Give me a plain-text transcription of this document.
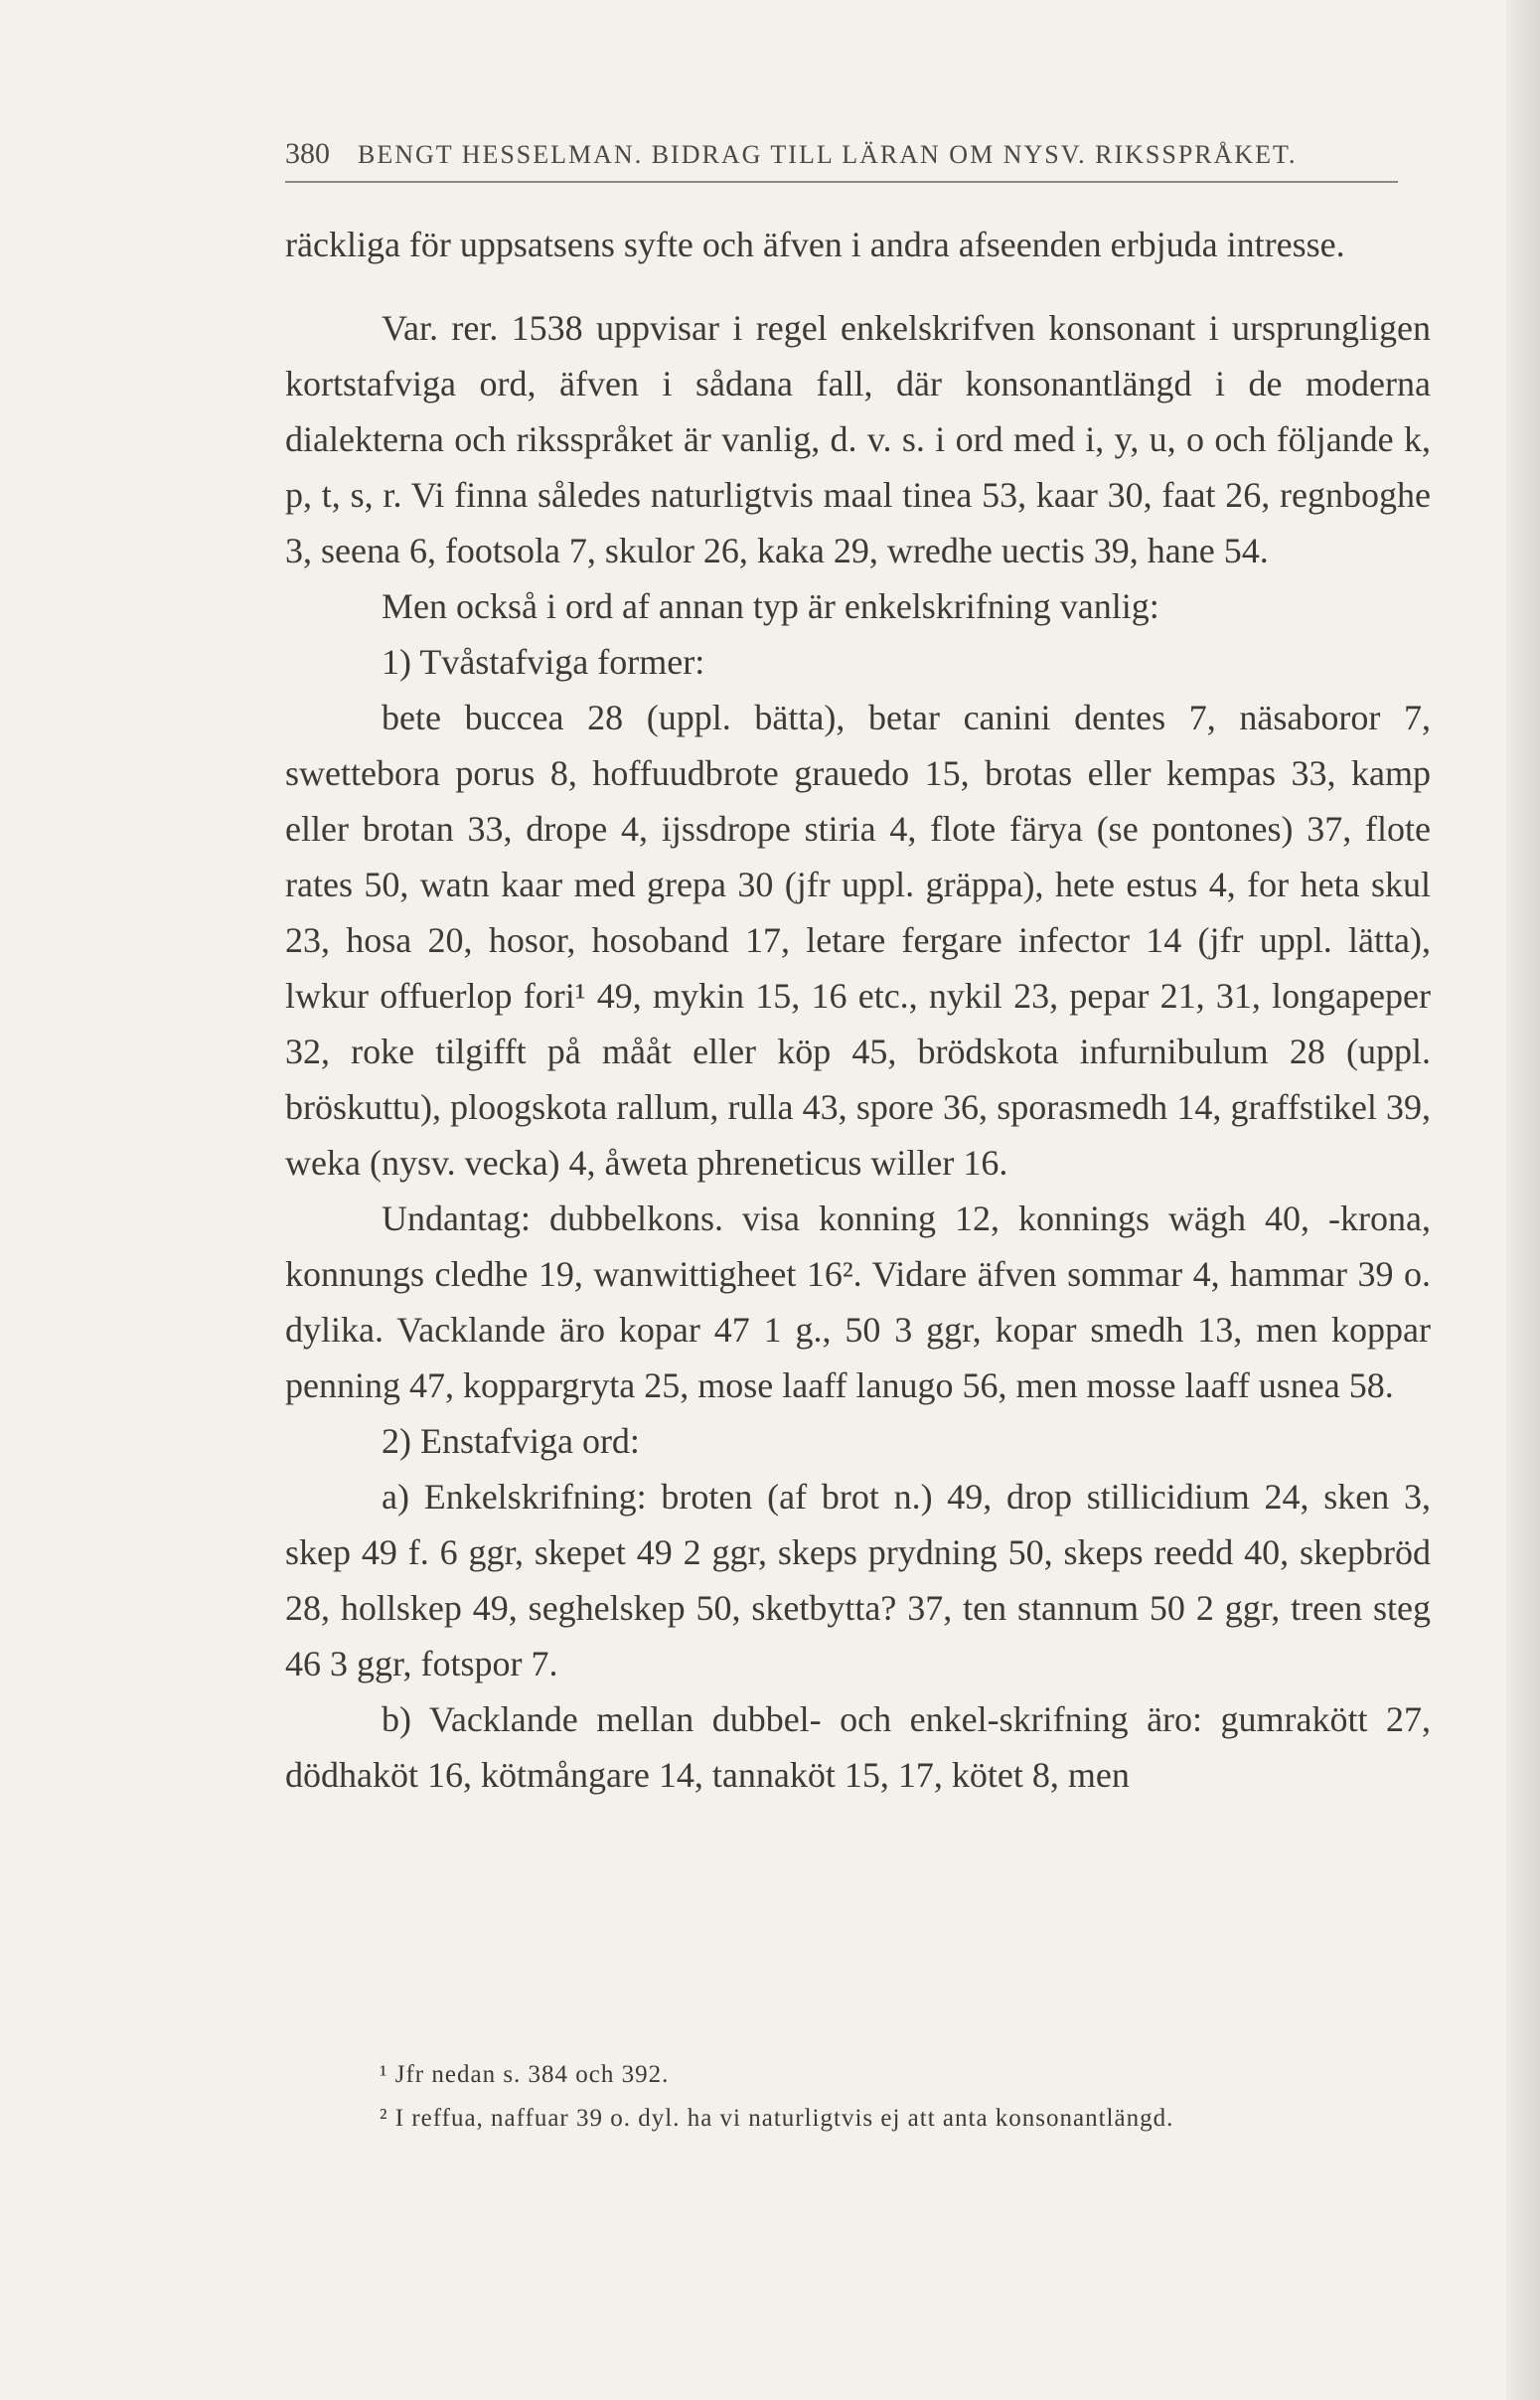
380 BENGT HESSELMAN. BIDRAG TILL LÄRAN OM NYSV. RIKSSPRÅKET.

räckliga för uppsatsens syfte och äfven i andra afseenden erbjuda intresse.

Var. rer. 1538 uppvisar i regel enkelskrifven konsonant i ursprungligen kortstafviga ord, äfven i sådana fall, där konsonantlängd i de moderna dialekterna och riksspråket är vanlig, d. v. s. i ord med i, y, u, o och följande k, p, t, s, r. Vi finna således naturligtvis maal tinea 53, kaar 30, faat 26, regnboghe 3, seena 6, footsola 7, skulor 26, kaka 29, wredhe uectis 39, hane 54.

Men också i ord af annan typ är enkelskrifning vanlig:

1) Tvåstafviga former:

bete buccea 28 (uppl. bätta), betar canini dentes 7, näsaboror 7, swettebora porus 8, hoffuudbrote grauedo 15, brotas eller kempas 33, kamp eller brotan 33, drope 4, ijssdrope stiria 4, flote färya (se pontones) 37, flote rates 50, watn kaar med grepa 30 (jfr uppl. gräppa), hete estus 4, for heta skul 23, hosa 20, hosor, hosoband 17, letare fergare infector 14 (jfr uppl. lätta), lwkur offuerlop fori¹ 49, mykin 15, 16 etc., nykil 23, pepar 21, 31, longapeper 32, roke tilgifft på mååt eller köp 45, brödskota infurnibulum 28 (uppl. bröskuttu), ploogskota rallum, rulla 43, spore 36, sporasmedh 14, graffstikel 39, weka (nysv. vecka) 4, åweta phreneticus willer 16.

Undantag: dubbelkons. visa konning 12, konnings wägh 40, -krona, konnungs cledhe 19, wanwittigheet 16². Vidare äfven sommar 4, hammar 39 o. dylika. Vacklande äro kopar 47 1 g., 50 3 ggr, kopar smedh 13, men koppar penning 47, koppargryta 25, mose laaff lanugo 56, men mosse laaff usnea 58.

2) Enstafviga ord:

a) Enkelskrifning: broten (af brot n.) 49, drop stillicidium 24, sken 3, skep 49 f. 6 ggr, skepet 49 2 ggr, skeps prydning 50, skeps reedd 40, skepbröd 28, hollskep 49, seghelskep 50, sketbytta? 37, ten stannum 50 2 ggr, treen steg 46 3 ggr, fotspor 7.

b) Vacklande mellan dubbel- och enkel-skrifning äro: gumrakött 27, dödhaköt 16, kötmångare 14, tannaköt 15, 17, kötet 8, men

¹ Jfr nedan s. 384 och 392.

² I reffua, naffuar 39 o. dyl. ha vi naturligtvis ej att anta konsonantlängd.
